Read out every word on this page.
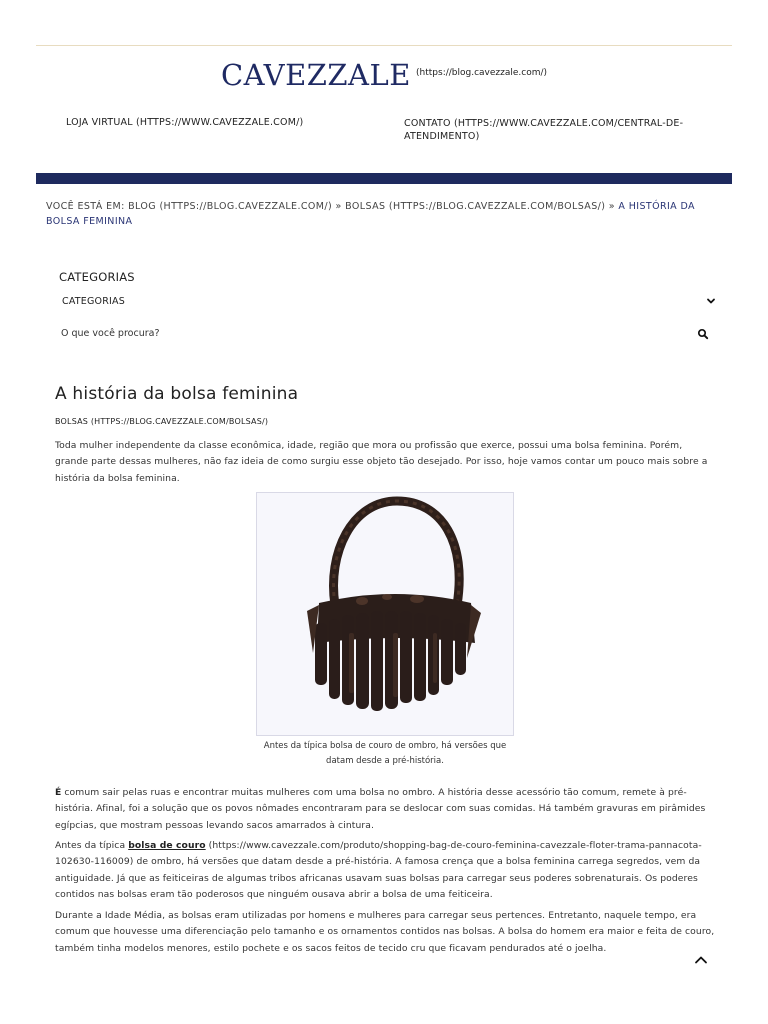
CAVEZZALE $^{(https://blog.cavezzale.com/)}$
LOJA VIRTUAL (HTTPS://WWW.CAVEZZALE.COM/)	CONTATO (HTTPS://WWW.CAVEZZALE.COM/CENTRAL-DE-ATENDIMENTO)
VOCÊ ESTÁ EM: BLOG (HTTPS://BLOG.CAVEZZALE.COM/) » BOLSAS (HTTPS://BLOG.CAVEZZALE.COM/BOLSAS/) » A HISTÓRIA DA BOLSA FEMININA
CATEGORIAS
CATEGORIAS
O que você procura?
A história da bolsa feminina
BOLSAS (HTTPS://BLOG.CAVEZZALE.COM/BOLSAS/)

Toda mulher independente da classe econômica, idade, região que mora ou profissão que exerce, possui uma bolsa feminina. Porém, grande parte dessas mulheres, não faz ideia de como surgiu esse objeto tão desejado. Por isso, hoje vamos contar um pouco mais sobre a história da bolsa feminina.

Antes da típica bolsa de couro de ombro, há versões que datam desde a pré-história.

É comum sair pelas ruas e encontrar muitas mulheres com uma bolsa no ombro. A história desse acessório tão comum, remete à pré-história. Afinal, foi a solução que os povos nômades encontraram para se deslocar com suas comidas. Há também gravuras em pirâmides egípcias, que mostram pessoas levando sacos amarrados à cintura.

Antes da típica bolsa de couro (https://www.cavezzale.com/produto/shopping-bag-de-couro-feminina-cavezzale-floter-trama-pannacota-102630-116009) de ombro, há versões que datam desde a pré-história. A famosa crença que a bolsa feminina carrega segredos, vem da antiguidade. Já que as feiticeiras de algumas tribos africanas usavam suas bolsas para carregar seus poderes sobrenaturais. Os poderes contidos nas bolsas eram tão poderosos que ninguém ousava abrir a bolsa de uma feiticeira.

Durante a Idade Média, as bolsas eram utilizadas por homens e mulheres para carregar seus pertences. Entretanto, naquele tempo, era comum que houvesse uma diferenciação pelo tamanho e os ornamentos contidos nas bolsas. A bolsa do homem era maior e feita de couro, também tinha modelos menores, estilo pochete e os sacos feitos de tecido cru que ficavam pendurados até o joelha.
